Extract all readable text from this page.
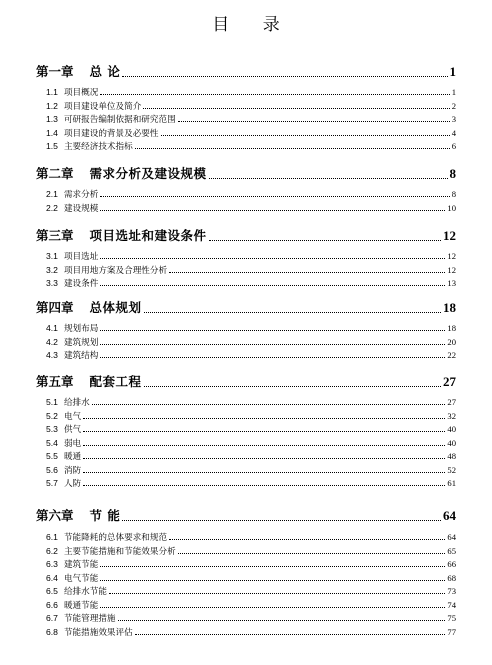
目 录
第一章 总 论	1
1.1 项目概况	1
1.2 项目建设单位及简介	2
1.3 可研报告编制依据和研究范围	3
1.4 项目建设的背景及必要性	4
1.5 主要经济技术指标	6
第二章 需求分析及建设规模	8
2.1 需求分析	8
2.2 建设规模	10
第三章 项目选址和建设条件	12
3.1 项目选址	12
3.2 项目用地方案及合理性分析	12
3.3 建设条件	13
第四章 总体规划	18
4.1 规划布局	18
4.2 建筑规划	20
4.3 建筑结构	22
第五章 配套工程	27
5.1 给排水	27
5.2 电气	32
5.3 供气	40
5.4 弱电	40
5.5 暖通	48
5.6 消防	52
5.7 人防	61
第六章 节 能	64
6.1 节能降耗的总体要求和规范	64
6.2 主要节能措施和节能效果分析	65
6.3 建筑节能	66
6.4 电气节能	68
6.5 给排水节能	73
6.6 暖通节能	74
6.7 节能管理措施	75
6.8 节能措施效果评估	77
